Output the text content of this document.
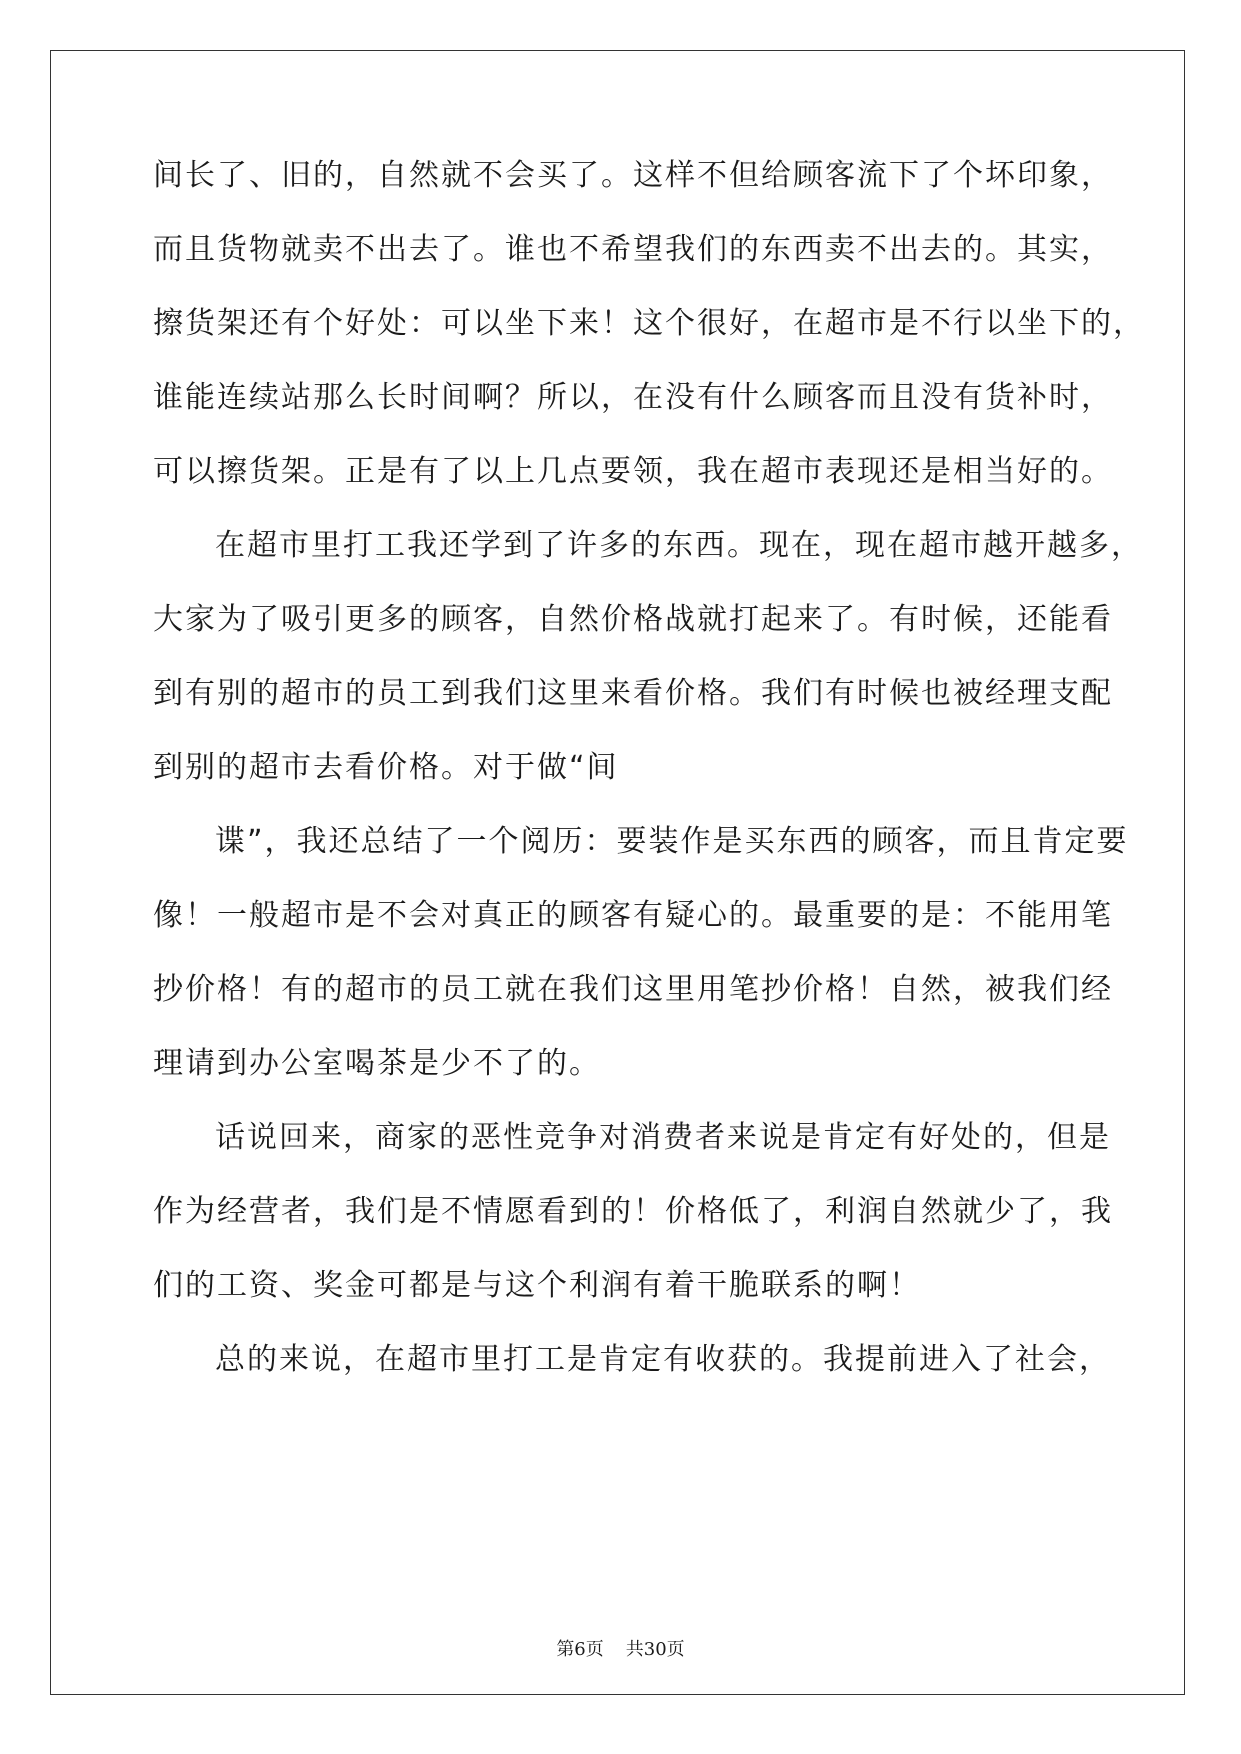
间长了、旧的，自然就不会买了。这样不但给顾客流下了个坏印象，
而且货物就卖不出去了。谁也不希望我们的东西卖不出去的。其实，
擦货架还有个好处：可以坐下来！这个很好，在超市是不行以坐下的，
谁能连续站那么长时间啊？所以，在没有什么顾客而且没有货补时，
可以擦货架。正是有了以上几点要领，我在超市表现还是相当好的。
在超市里打工我还学到了许多的东西。现在，现在超市越开越多，
大家为了吸引更多的顾客，自然价格战就打起来了。有时候，还能看
到有别的超市的员工到我们这里来看价格。我们有时候也被经理支配
到别的超市去看价格。对于做“间
谍”，我还总结了一个阅历：要装作是买东西的顾客，而且肯定要
像！一般超市是不会对真正的顾客有疑心的。最重要的是：不能用笔
抄价格！有的超市的员工就在我们这里用笔抄价格！自然，被我们经
理请到办公室喝茶是少不了的。
话说回来，商家的恶性竞争对消费者来说是肯定有好处的，但是
作为经营者，我们是不情愿看到的！价格低了，利润自然就少了，我
们的工资、奖金可都是与这个利润有着干脆联系的啊！
总的来说，在超市里打工是肯定有收获的。我提前进入了社会，
第6页 共30页
